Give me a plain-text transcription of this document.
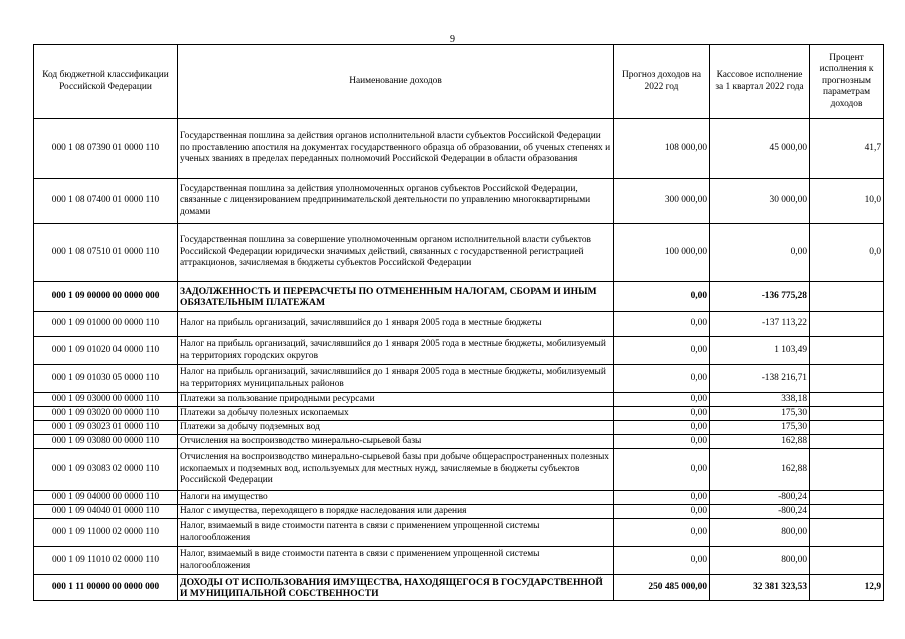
9
Код бюджетной классификации Российской Федерации	Наименование доходов	Прогноз доходов на 2022 год	Кассовое исполнение за 1 квартал 2022 года	Процент исполнения к прогнозным параметрам доходов
000 1 08 07390 01 0000 110	Государственная пошлина за действия органов исполнительной власти субъектов Российской Федерации по проставлению апостиля на документах государственного образца об образовании, об ученых степенях и ученых званиях в пределах переданных полномочий Российской Федерации в области образования	108 000,00	45 000,00	41,7
000 1 08 07400 01 0000 110	Государственная пошлина за действия уполномоченных органов субъектов Российской Федерации, связанные с лицензированием предпринимательской деятельности по управлению многоквартирными домами	300 000,00	30 000,00	10,0
000 1 08 07510 01 0000 110	Государственная пошлина за совершение уполномоченным органом исполнительной власти субъектов Российской Федерации юридически значимых действий, связанных с государственной регистрацией аттракционов, зачисляемая в бюджеты субъектов Российской Федерации	100 000,00	0,00	0,0
000 1 09 00000 00 0000 000	ЗАДОЛЖЕННОСТЬ И ПЕРЕРАСЧЕТЫ ПО ОТМЕНЕННЫМ НАЛОГАМ, СБОРАМ И ИНЫМ ОБЯЗАТЕЛЬНЫМ ПЛАТЕЖАМ	0,00	-136 775,28	
000 1 09 01000 00 0000 110	Налог на прибыль организаций, зачислявшийся до 1 января 2005 года в местные бюджеты	0,00	-137 113,22	
000 1 09 01020 04 0000 110	Налог на прибыль организаций, зачислявшийся до 1 января 2005 года в местные бюджеты, мобилизуемый на территориях городских округов	0,00	1 103,49	
000 1 09 01030 05 0000 110	Налог на прибыль организаций, зачислявшийся до 1 января 2005 года в местные бюджеты, мобилизуемый на территориях муниципальных районов	0,00	-138 216,71	
000 1 09 03000 00 0000 110	Платежи за пользование природными ресурсами	0,00	338,18	
000 1 09 03020 00 0000 110	Платежи за добычу полезных ископаемых	0,00	175,30	
000 1 09 03023 01 0000 110	Платежи за добычу подземных вод	0,00	175,30	
000 1 09 03080 00 0000 110	Отчисления на воспроизводство минерально-сырьевой базы	0,00	162,88	
000 1 09 03083 02 0000 110	Отчисления на воспроизводство минерально-сырьевой базы при добыче общераспространенных полезных ископаемых и подземных вод, используемых для местных нужд, зачисляемые в бюджеты субъектов Российской Федерации	0,00	162,88	
000 1 09 04000 00 0000 110	Налоги на имущество	0,00	-800,24	
000 1 09 04040 01 0000 110	Налог с имущества, переходящего в порядке наследования или дарения	0,00	-800,24	
000 1 09 11000 02 0000 110	Налог, взимаемый в виде стоимости патента в связи с применением упрощенной системы налогообложения	0,00	800,00	
000 1 09 11010 02 0000 110	Налог, взимаемый в виде стоимости патента в связи с применением упрощенной системы налогообложения	0,00	800,00	
000 1 11 00000 00 0000 000	ДОХОДЫ ОТ ИСПОЛЬЗОВАНИЯ ИМУЩЕСТВА, НАХОДЯЩЕГОСЯ В ГОСУДАРСТВЕННОЙ И МУНИЦИПАЛЬНОЙ СОБСТВЕННОСТИ	250 485 000,00	32 381 323,53	12,9
